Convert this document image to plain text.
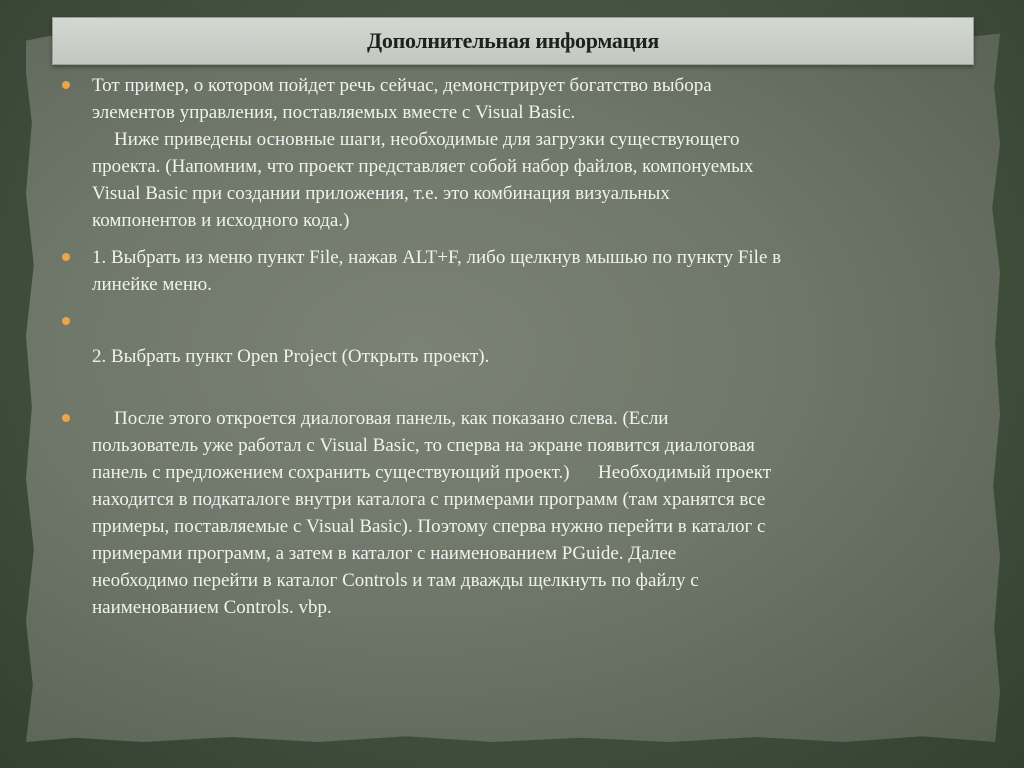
Дополнительная информация
Тот пример, о котором пойдет речь сейчас, демонстрирует богатство выбора
элементов управления, поставляемых вместе с Visual Basic.
Ниже приведены основные шаги, необходимые для загрузки существующего
проекта. (Напомним, что проект представляет собой набор файлов, компонуемых
Visual Basic при создании приложения, т.е. это комбинация визуальных
компонентов и исходного кода.)
1. Выбрать из меню пункт File, нажав ALT+F, либо щелкнув мышью по пункту File в
линейке меню.
2. Выбрать пункт Open Project (Открыть проект).
После этого откроется диалоговая панель, как показано слева. (Если
пользователь уже работал с Visual Basic, то сперва на экране появится диалоговая
панель с предложением сохранить существующий проект.)      Необходимый проект
находится в подкаталоге внутри каталога с примерами программ (там хранятся все
примеры, поставляемые с Visual Basic). Поэтому сперва нужно перейти в каталог с
примерами программ, а затем в каталог с наименованием PGuide. Далее
необходимо перейти в каталог Controls и там дважды щелкнуть по файлу с
наименованием Controls. vbp.
